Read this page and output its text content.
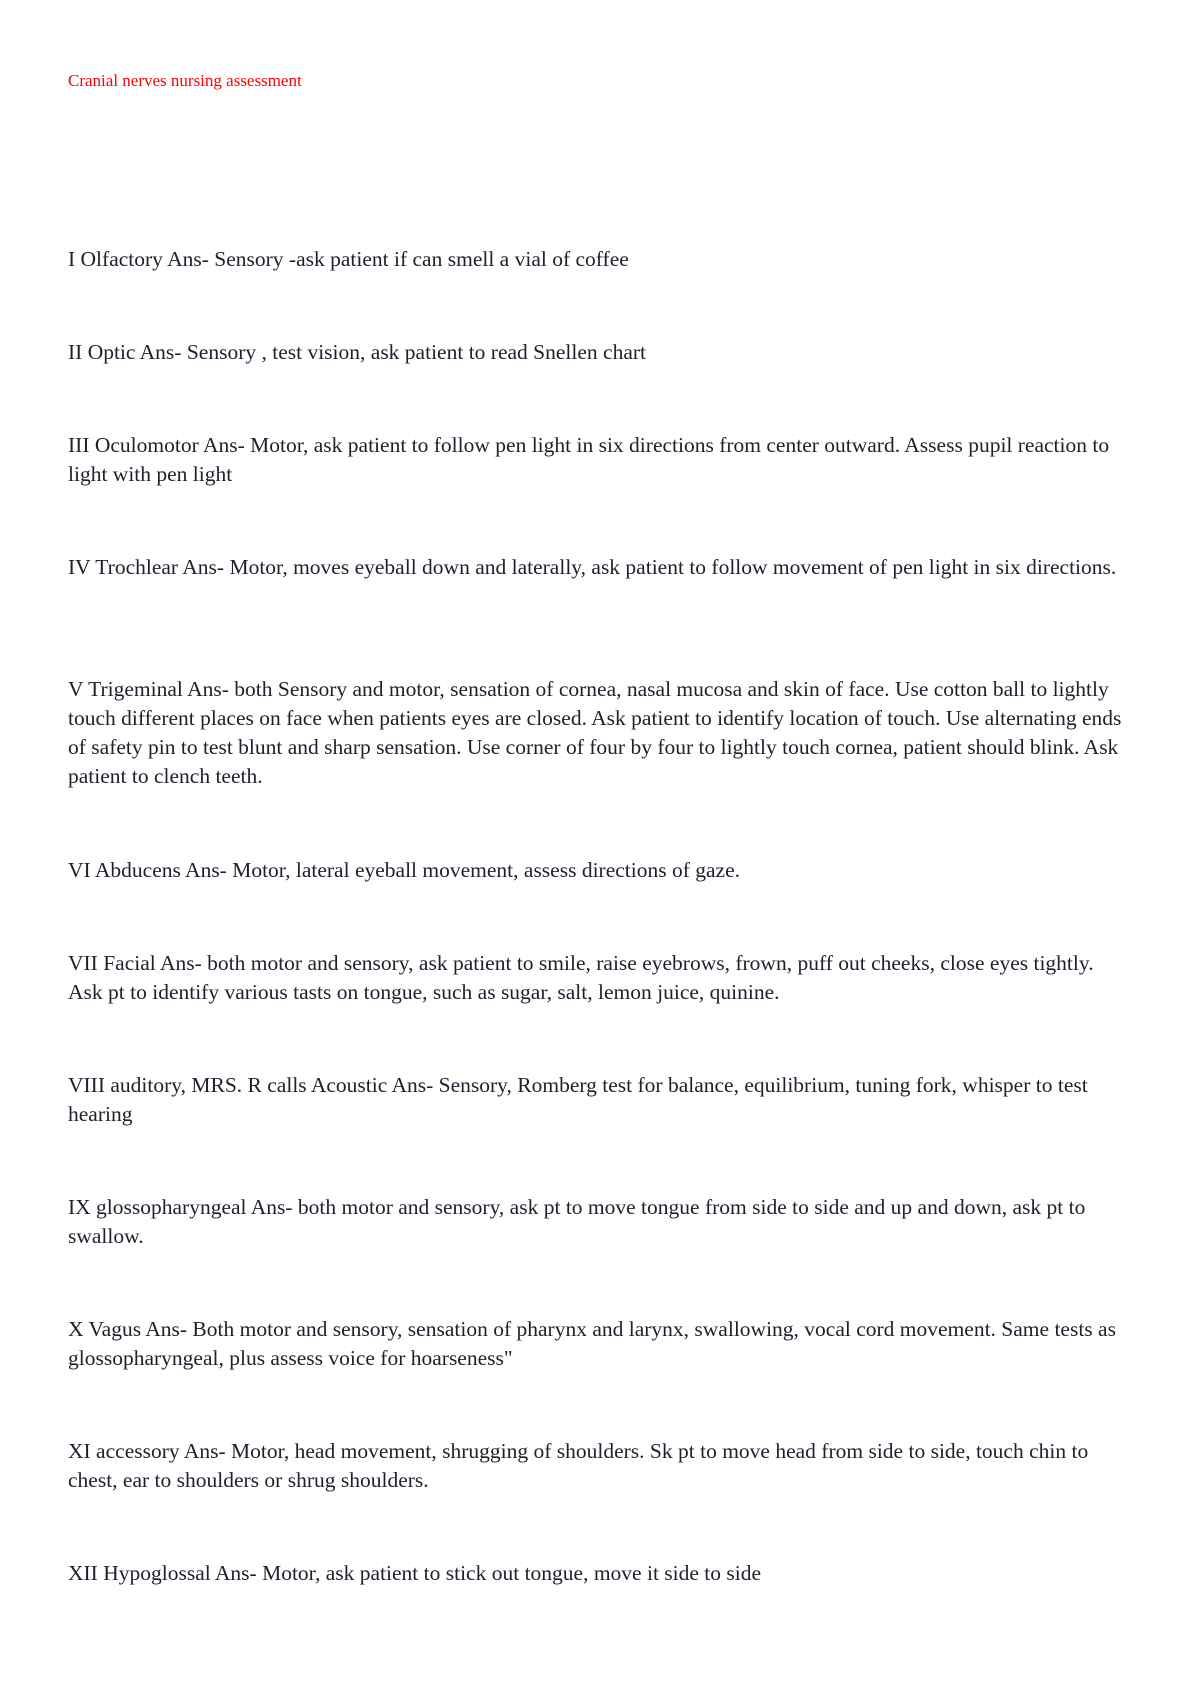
Cranial nerves nursing assessment

I Olfactory Ans- Sensory -ask patient if can smell a vial of coffee

II Optic Ans- Sensory , test vision, ask patient to read Snellen chart

III Oculomotor Ans- Motor, ask patient to follow pen light in six directions from center outward. Assess pupil reaction to light with pen light

IV Trochlear Ans- Motor, moves eyeball down and laterally, ask patient to follow movement of pen light in six directions.

V Trigeminal Ans- both Sensory and motor, sensation of cornea, nasal mucosa and skin of face. Use cotton ball to lightly touch different places on face when patients eyes are closed. Ask patient to identify location of touch. Use alternating ends of safety pin to test blunt and sharp sensation. Use corner of four by four to lightly touch cornea, patient should blink. Ask patient to clench teeth.

VI Abducens Ans- Motor, lateral eyeball movement, assess directions of gaze.

VII Facial Ans- both motor and sensory, ask patient to smile, raise eyebrows, frown, puff out cheeks, close eyes tightly. Ask pt to identify various tasts on tongue, such as sugar, salt, lemon juice, quinine.

VIII auditory, MRS. R calls Acoustic Ans- Sensory, Romberg test for balance, equilibrium, tuning fork, whisper to test hearing

IX glossopharyngeal Ans- both motor and sensory, ask pt to move tongue from side to side and up and down, ask pt to swallow.

X Vagus Ans- Both motor and sensory, sensation of pharynx and larynx, swallowing, vocal cord movement. Same tests as glossopharyngeal, plus assess voice for hoarseness"

XI accessory Ans- Motor, head movement, shrugging of shoulders. Sk pt to move head from side to side, touch chin to chest, ear to shoulders or shrug shoulders.

XII Hypoglossal Ans- Motor, ask patient to stick out tongue, move it side to side
